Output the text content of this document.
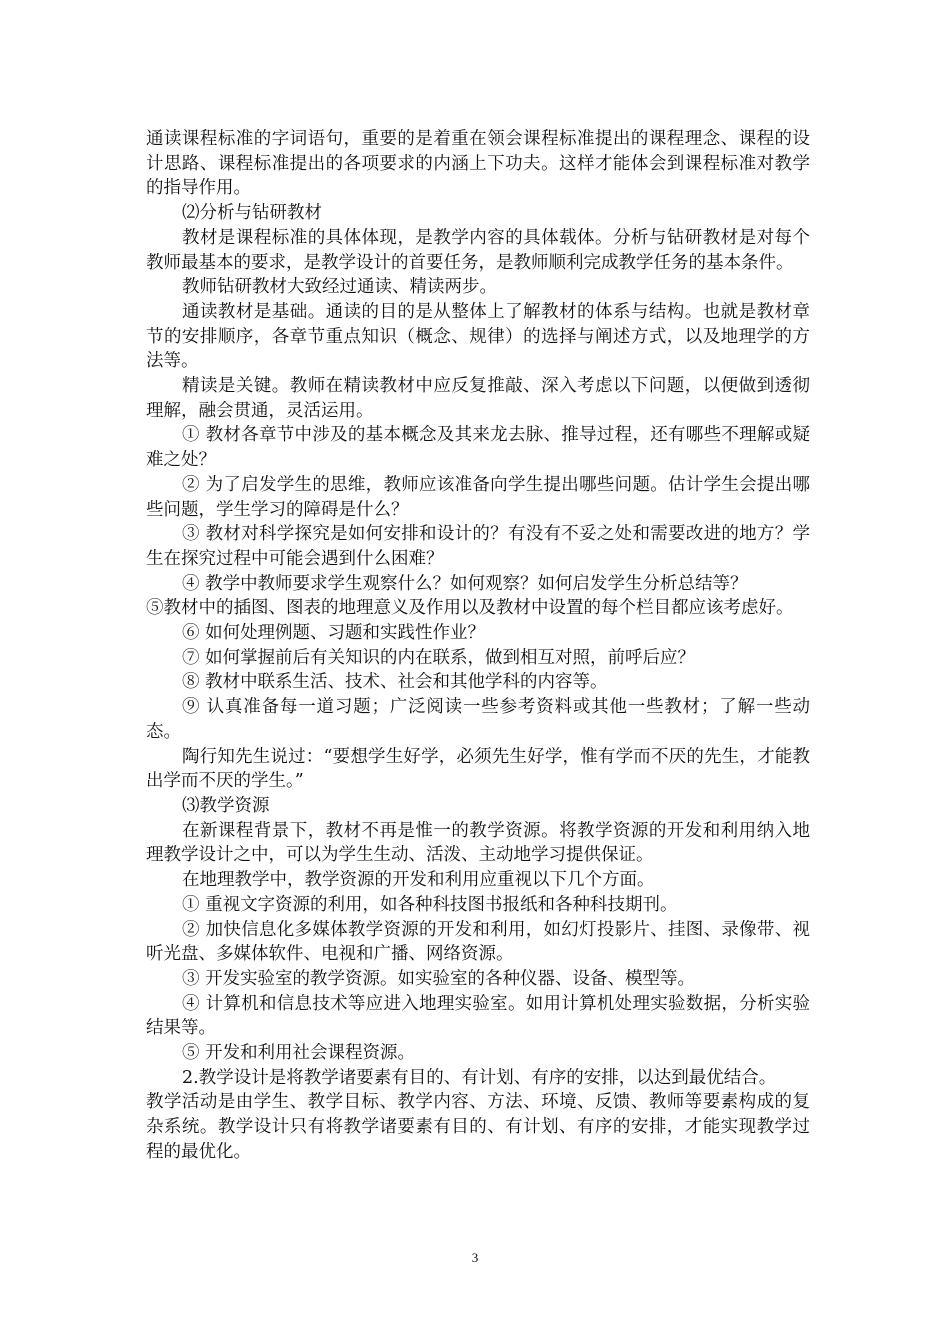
通读课程标准的字词语句，重要的是着重在领会课程标准提出的课程理念、课程的设计思路、课程标准提出的各项要求的内涵上下功夫。这样才能体会到课程标准对教学的指导作用。

⑵分析与钻研教材

教材是课程标准的具体体现，是教学内容的具体载体。分析与钻研教材是对每个教师最基本的要求，是教学设计的首要任务，是教师顺利完成教学任务的基本条件。

教师钻研教材大致经过通读、精读两步。

通读教材是基础。通读的目的是从整体上了解教材的体系与结构。也就是教材章节的安排顺序，各章节重点知识（概念、规律）的选择与阐述方式，以及地理学的方法等。

精读是关键。教师在精读教材中应反复推敲、深入考虑以下问题，以便做到透彻理解，融会贯通，灵活运用。

① 教材各章节中涉及的基本概念及其来龙去脉、推导过程，还有哪些不理解或疑难之处？

② 为了启发学生的思维，教师应该准备向学生提出哪些问题。估计学生会提出哪些问题，学生学习的障碍是什么？

③ 教材对科学探究是如何安排和设计的？有没有不妥之处和需要改进的地方？学生在探究过程中可能会遇到什么困难？

④ 教学中教师要求学生观察什么？如何观察？如何启发学生分析总结等？

⑤教材中的插图、图表的地理意义及作用以及教材中设置的每个栏目都应该考虑好。

⑥ 如何处理例题、习题和实践性作业？

⑦ 如何掌握前后有关知识的内在联系，做到相互对照，前呼后应？

⑧ 教材中联系生活、技术、社会和其他学科的内容等。

⑨ 认真准备每一道习题；广泛阅读一些参考资料或其他一些教材；了解一些动态。

陶行知先生说过：“要想学生好学，必须先生好学，惟有学而不厌的先生，才能教出学而不厌的学生。”

⑶教学资源

在新课程背景下，教材不再是惟一的教学资源。将教学资源的开发和利用纳入地理教学设计之中，可以为学生生动、活泼、主动地学习提供保证。

在地理教学中，教学资源的开发和利用应重视以下几个方面。

① 重视文字资源的利用，如各种科技图书报纸和各种科技期刊。

② 加快信息化多媒体教学资源的开发和利用，如幻灯投影片、挂图、录像带、视听光盘、多媒体软件、电视和广播、网络资源。

③ 开发实验室的教学资源。如实验室的各种仪器、设备、模型等。

④ 计算机和信息技术等应进入地理实验室。如用计算机处理实验数据，分析实验结果等。

⑤ 开发和利用社会课程资源。

2.教学设计是将教学诸要素有目的、有计划、有序的安排，以达到最优结合。

教学活动是由学生、教学目标、教学内容、方法、环境、反馈、教师等要素构成的复杂系统。教学设计只有将教学诸要素有目的、有计划、有序的安排，才能实现教学过程的最优化。

3
